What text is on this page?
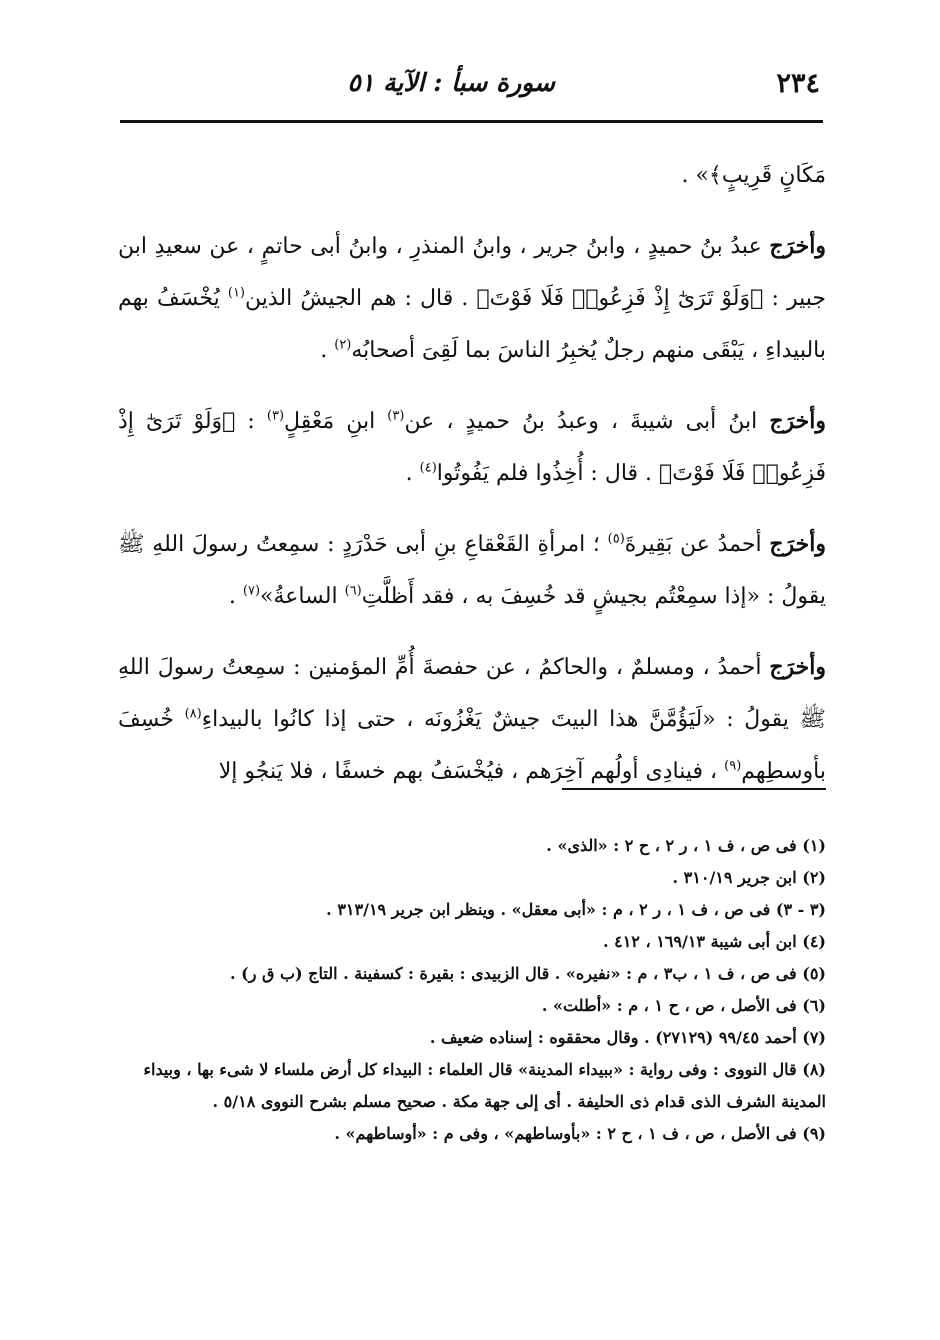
٢٣٤
سورة سبأ : الآية ٥١

مَكَانٍ قَرِيبٍ﴾» .

وأخرَج عبدُ بنُ حميدٍ ، وابنُ جرير ، وابنُ المنذرِ ، وابنُ أبى حاتمٍ ، عن سعيدِ ابن جبير : ﴿وَلَوْ تَرَىٰٓ إِذْ فَزِعُوا۟ فَلَا فَوْتَ﴾ . قال : هم الجيشُ الذين$^{(١)}$ يُخْسَفُ بهم بالبيداءِ ، يَبْقَى منهم رجلٌ يُخبِرُ الناسَ بما لَقِىَ أصحابُه$^{(٢)}$ .

وأخرَج ابنُ أبى شيبةَ ، وعبدُ بنُ حميدٍ ، عن$^{(٣)}$ ابنِ مَعْقِلٍ$^{(٣)}$ : ﴿وَلَوْ تَرَىٰٓ إِذْ فَزِعُوا۟ فَلَا فَوْتَ﴾ . قال : أُخِذُوا فلم يَفُوتُوا$^{(٤)}$ .

وأخرَج أحمدُ عن بَقِيرةَ$^{(٥)}$ ؛ امرأةِ القَعْقاعِ بنِ أبى حَدْرَدٍ : سمِعتُ رسولَ اللهِ ﷺ يقولُ : «إذا سمِعْتُم بجيشٍ قد خُسِفَ به ، فقد أَظلَّتِ$^{(٦)}$ الساعةُ»$^{(٧)}$ .

وأخرَج أحمدُ ، ومسلمٌ ، والحاكمُ ، عن حفصةَ أُمِّ المؤمنين : سمِعتُ رسولَ اللهِ ﷺ يقولُ : «لَيَؤُمَّنَّ هذا البيتَ جيشٌ يَغْزُونَه ، حتى إذا كانُوا بالبيداءِ$^{(٨)}$ خُسِفَ بأوسطِهم$^{(٩)}$ ، فينادِى أولُهم آخِرَهم ، فيُخْسَفُ بهم خسفًا ، فلا يَنجُو إلا

(١) فى ص ، ف ١ ، ر ٢ ، ح ٢ : «الذى» .

(٢) ابن جرير ٣١٠/١٩ .

(٣ - ٣) فى ص ، ف ١ ، ر ٢ ، م : «أبى معقل» . وينظر ابن جرير ٣١٣/١٩ .

(٤) ابن أبى شيبة ١٦٩/١٣ ، ٤١٢ .

(٥) فى ص ، ف ١ ، ب٣ ، م : «نفيره» . قال الزبيدى : بقيرة : كسفينة . التاج (ب ق ر) .

(٦) فى الأصل ، ص ، ح ١ ، م : «أطلت» .

(٧) أحمد ٩٩/٤٥ (٢٧١٢٩) . وقال محققوه : إسناده ضعيف .

(٨) قال النووى : وفى رواية : «ببيداء المدينة» قال العلماء : البيداء كل أرض ملساء لا شىء بها ، وبيداء المدينة الشرف الذى قدام ذى الحليفة . أى إلى جهة مكة . صحيح مسلم بشرح النووى ٥/١٨ .

(٩) فى الأصل ، ص ، ف ١ ، ح ٢ : «بأوساطهم» ، وفى م : «أوساطهم» .
